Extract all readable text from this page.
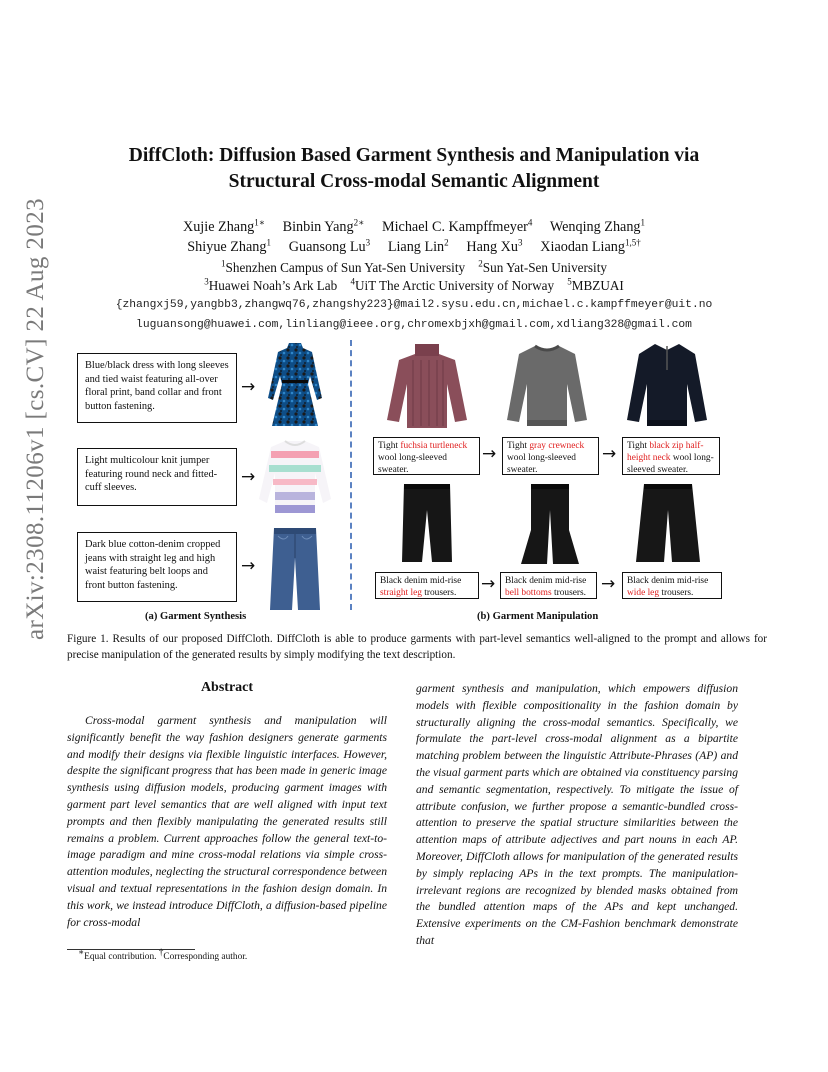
arXiv:2308.11206v1 [cs.CV] 22 Aug 2023
DiffCloth: Diffusion Based Garment Synthesis and Manipulation via
Structural Cross-modal Semantic Alignment
Xujie Zhang$^{1∗}$ Binbin Yang$^{2∗}$ Michael C. Kampffmeyer$^4$ Wenqing Zhang$^1$
Shiyue Zhang$^1$ Guansong Lu$^3$ Liang Lin$^2$ Hang Xu$^3$ Xiaodan Liang$^{1,5\dagger}$
$^1$Shenzhen Campus of Sun Yat-Sen University $^2$Sun Yat-Sen University
$^3$Huawei Noah’s Ark Lab $^4$UiT The Arctic University of Norway $^5$MBZUAI
{zhangxj59,yangbb3,zhangwq76,zhangshy223}@mail2.sysu.edu.cn,michael.c.kampffmeyer@uit.no
luguansong@huawei.com,linliang@ieee.org,chromexbjxh@gmail.com,xdliang328@gmail.com
Blue/black dress with long sleeves and tied waist featuring all-over floral print, band collar and front button fastening.
Light multicolour knit jumper featuring round neck and fitted-cuff sleeves.
Dark blue cotton-denim cropped jeans with straight leg and high waist featuring belt loops and front button fastening.
→
→
→
Tight fuchsia turtleneck wool long-sleeved sweater.
→	Tight gray crewneck wool long-sleeved sweater.
→	Tight black zip half-height neck wool long-sleeved sweater.
Black denim mid-rise straight leg trousers.	→	Black denim mid-rise bell bottoms trousers. →	Black denim mid-rise wide leg trousers.
(a) Garment Synthesis	(b) Garment Manipulation
Figure 1. Results of our proposed DiffCloth. DiffCloth is able to produce garments with part-level semantics well-aligned to the prompt and allows for precise manipulation of the generated results by simply modifying the text description.
Abstract
Cross-modal garment synthesis and manipulation will significantly benefit the way fashion designers generate garments and modify their designs via flexible linguistic interfaces. However, despite the significant progress that has been made in generic image synthesis using diffusion models, producing garment images with garment part level semantics that are well aligned with input text prompts and then flexibly manipulating the generated results still remains a problem. Current approaches follow the general text-to-image paradigm and mine cross-modal relations via simple cross-attention modules, neglecting the structural correspondence between visual and textual representations in the fashion design domain. In this work, we instead introduce DiffCloth, a diffusion-based pipeline for cross-modal
garment synthesis and manipulation, which empowers diffusion models with flexible compositionality in the fashion domain by structurally aligning the cross-modal semantics. Specifically, we formulate the part-level cross-modal alignment as a bipartite matching problem between the linguistic Attribute-Phrases (AP) and the visual garment parts which are obtained via constituency parsing and semantic segmentation, respectively. To mitigate the issue of attribute confusion, we further propose a semantic-bundled cross-attention to preserve the spatial structure similarities between the attention maps of attribute adjectives and part nouns in each AP. Moreover, DiffCloth allows for manipulation of the generated results by simply replacing APs in the text prompts. The manipulation-irrelevant regions are recognized by blended masks obtained from the bundled attention maps of the APs and kept unchanged. Extensive experiments on the CM-Fashion benchmark demonstrate that
∗Equal contribution. †Corresponding author.
